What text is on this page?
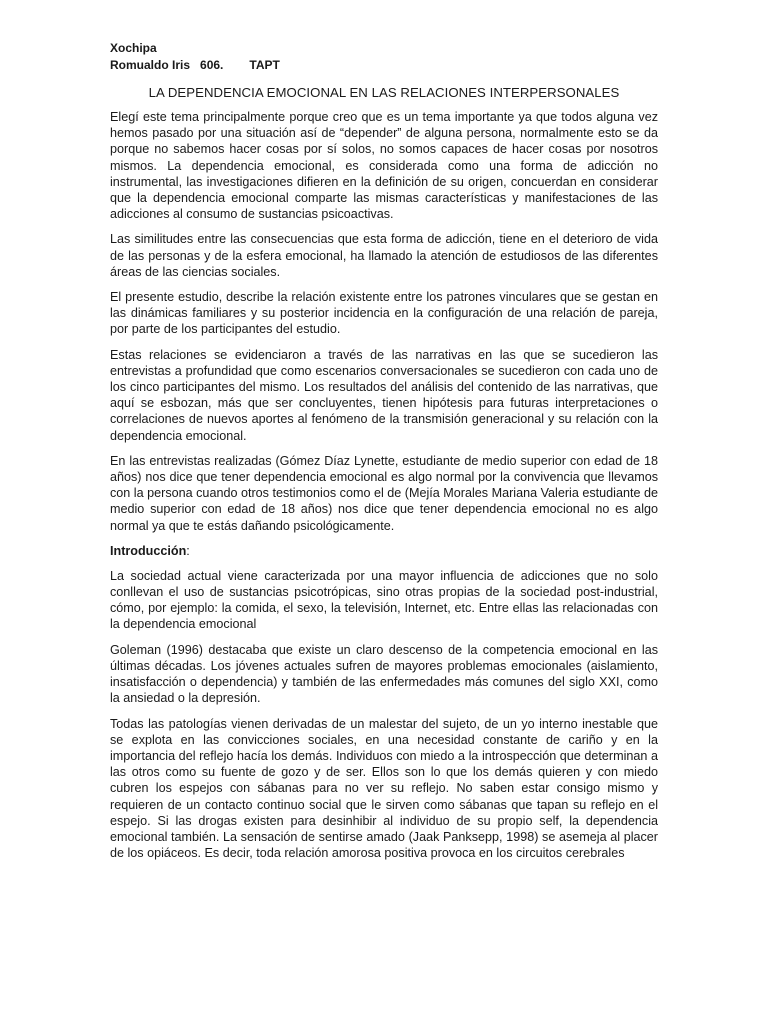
Xochipa
Romualdo Iris 606. TAPT
LA DEPENDENCIA EMOCIONAL EN LAS RELACIONES INTERPERSONALES

Elegí este tema principalmente porque creo que es un tema importante ya que todos alguna vez hemos pasado por una situación así de “depender” de alguna persona, normalmente esto se da porque no sabemos hacer cosas por sí solos, no somos capaces de hacer cosas por nosotros mismos. La dependencia emocional, es considerada como una forma de adicción no instrumental, las investigaciones difieren en la definición de su origen, concuerdan en considerar que la dependencia emocional comparte las mismas características y manifestaciones de las adicciones al consumo de sustancias psicoactivas.

Las similitudes entre las consecuencias que esta forma de adicción, tiene en el deterioro de vida de las personas y de la esfera emocional, ha llamado la atención de estudiosos de las diferentes áreas de las ciencias sociales.

El presente estudio, describe la relación existente entre los patrones vinculares que se gestan en las dinámicas familiares y su posterior incidencia en la configuración de una relación de pareja, por parte de los participantes del estudio.

Estas relaciones se evidenciaron a través de las narrativas en las que se sucedieron las entrevistas a profundidad que como escenarios conversacionales se sucedieron con cada uno de los cinco participantes del mismo. Los resultados del análisis del contenido de las narrativas, que aquí se esbozan, más que ser concluyentes, tienen hipótesis para futuras interpretaciones o correlaciones de nuevos aportes al fenómeno de la transmisión generacional y su relación con la dependencia emocional.

En las entrevistas realizadas (Gómez Díaz Lynette, estudiante de medio superior con edad de 18 años) nos dice que tener dependencia emocional es algo normal por la convivencia que llevamos con la persona cuando otros testimonios como el de (Mejía Morales Mariana Valeria estudiante de medio superior con edad de 18 años) nos dice que tener dependencia emocional no es algo normal ya que te estás dañando psicológicamente.

Introducción:

La sociedad actual viene caracterizada por una mayor influencia de adicciones que no solo conllevan el uso de sustancias psicotrópicas, sino otras propias de la sociedad post-industrial, cómo, por ejemplo: la comida, el sexo, la televisión, Internet, etc. Entre ellas las relacionadas con la dependencia emocional

Goleman (1996) destacaba que existe un claro descenso de la competencia emocional en las últimas décadas. Los jóvenes actuales sufren de mayores problemas emocionales (aislamiento, insatisfacción o dependencia) y también de las enfermedades más comunes del siglo XXI, como la ansiedad o la depresión.

Todas las patologías vienen derivadas de un malestar del sujeto, de un yo interno inestable que se explota en las convicciones sociales, en una necesidad constante de cariño y en la importancia del reflejo hacía los demás. Individuos con miedo a la introspección que determinan a las otros como su fuente de gozo y de ser. Ellos son lo que los demás quieren y con miedo cubren los espejos con sábanas para no ver su reflejo. No saben estar consigo mismo y requieren de un contacto continuo social que le sirven como sábanas que tapan su reflejo en el espejo. Si las drogas existen para desinhibir al individuo de su propio self, la dependencia emocional también. La sensación de sentirse amado (Jaak Panksepp, 1998) se asemeja al placer de los opiáceos. Es decir, toda relación amorosa positiva provoca en los circuitos cerebrales
